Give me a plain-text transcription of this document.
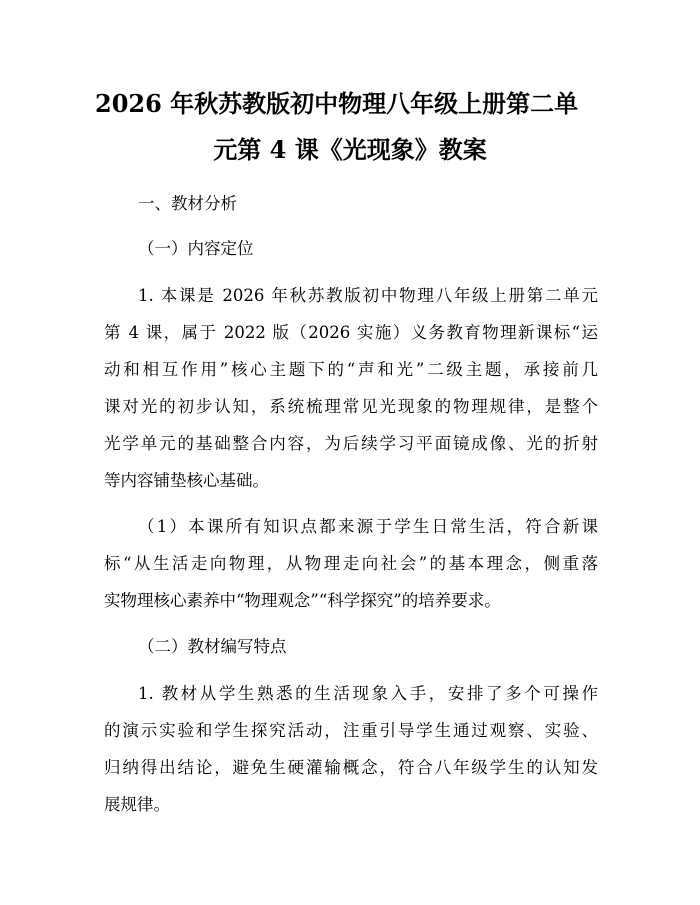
2026 年秋苏教版初中物理八年级上册第二单
元第 4 课《光现象》教案

一、教材分析

（一）内容定位

1. 本课是 2026 年秋苏教版初中物理八年级上册第二单元

第 4 课，属于 2022 版（2026 实施）义务教育物理新课标“运

动和相互作用”核心主题下的“声和光”二级主题，承接前几

课对光的初步认知，系统梳理常见光现象的物理规律，是整个

光学单元的基础整合内容，为后续学习平面镜成像、光的折射

等内容铺垫核心基础。

（1）本课所有知识点都来源于学生日常生活，符合新课

标“从生活走向物理，从物理走向社会”的基本理念，侧重落

实物理核心素养中“物理观念”“科学探究”的培养要求。

（二）教材编写特点

1. 教材从学生熟悉的生活现象入手，安排了多个可操作

的演示实验和学生探究活动，注重引导学生通过观察、实验、

归纳得出结论，避免生硬灌输概念，符合八年级学生的认知发

展规律。
